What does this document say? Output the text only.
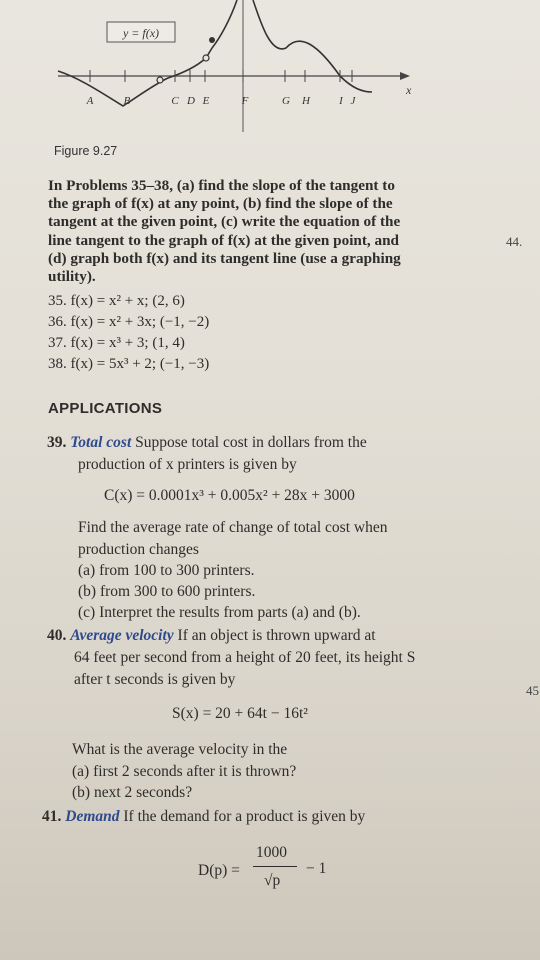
y = f(x)
x
A	B	C D E	F	G H	I J
Figure 9.27
In Problems 35–38, (a) find the slope of the tangent to
the graph of f(x) at any point, (b) find the slope of the
tangent at the given point, (c) write the equation of the
line tangent to the graph of f(x) at the given point, and
(d) graph both f(x) and its tangent line (use a graphing
utility).
44.
45
35. f(x) = x² + x; (2, 6)
36. f(x) = x² + 3x; (−1, −2)
37. f(x) = x³ + 3; (1, 4)
38. f(x) = 5x³ + 2; (−1, −3)
APPLICATIONS
39. Total cost Suppose total cost in dollars from the
production of x printers is given by
C(x) = 0.0001x³ + 0.005x² + 28x + 3000
Find the average rate of change of total cost when
production changes
(a) from 100 to 300 printers.
(b) from 300 to 600 printers.
(c) Interpret the results from parts (a) and (b).
40. Average velocity If an object is thrown upward at
64 feet per second from a height of 20 feet, its height S
after t seconds is given by
S(x) = 20 + 64t − 16t²
What is the average velocity in the
(a) first 2 seconds after it is thrown?
(b) next 2 seconds?
41. Demand If the demand for a product is given by
D(p) =
1000
√p
− 1
